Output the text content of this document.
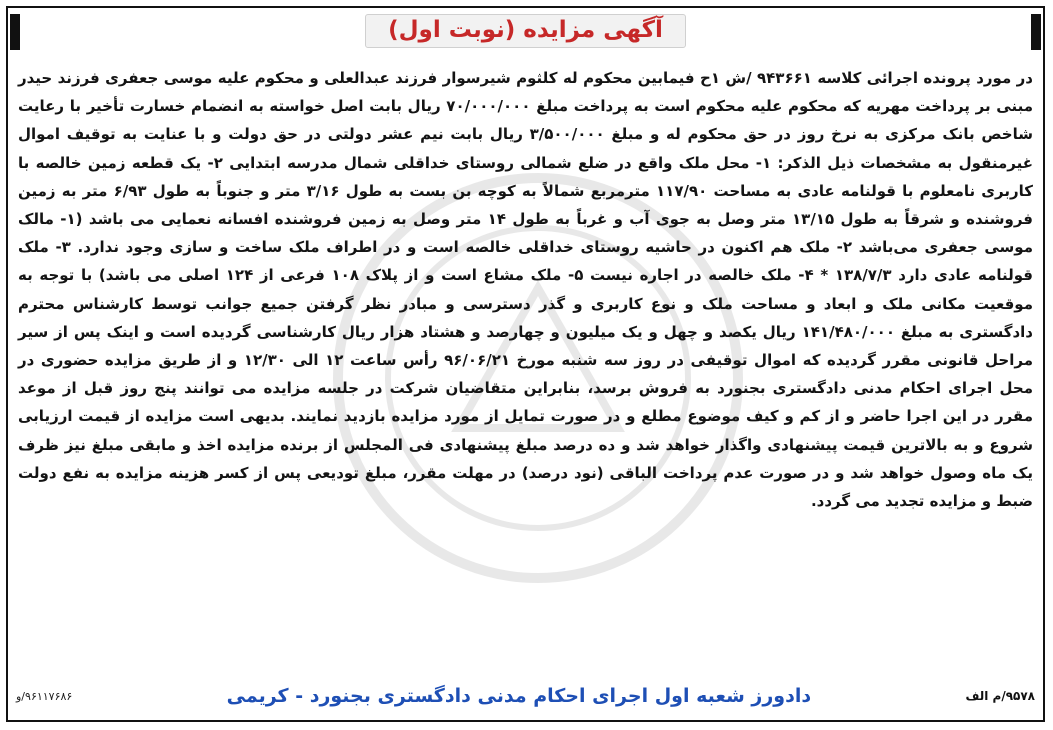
آگهی مزایده (نوبت اول)
در مورد پرونده اجرائی کلاسه ۹۴۳۶۶۱ /ش ۱ح فیمابین محکوم له کلثوم شیرسوار فرزند عبدالعلی و محکوم علیه موسی جعفری فرزند حیدر مبنی بر پرداخت مهریه که محکوم علیه محکوم است به پرداخت مبلغ ۷۰/۰۰۰/۰۰۰ ریال بابت اصل خواسته به انضمام خسارت تأخیر با رعایت شاخص بانک مرکزی به نرخ روز در حق محکوم له و مبلغ ۳/۵۰۰/۰۰۰ ریال بابت نیم عشر دولتی در حق دولت و با عنایت به توقیف اموال غیرمنقول به مشخصات ذیل الذکر: ۱- محل ملک واقع در ضلع شمالی روستای خداقلی شمال مدرسه ابتدایی ۲- یک قطعه زمین خالصه با کاربری نامعلوم با قولنامه عادی به مساحت ۱۱۷/۹۰ مترمربع شمالاً به کوچه بن بست به طول ۳/۱۶ متر و جنوباً به طول ۶/۹۳ متر به زمین فروشنده و شرقاً به طول ۱۳/۱۵ متر وصل به جوی آب و غرباً به طول ۱۴ متر وصل به زمین فروشنده افسانه نعمایی می باشد (۱- مالک موسی جعفری می‌باشد ۲- ملک هم اکنون در حاشیه روستای خداقلی خالصه است و در اطراف ملک ساخت و سازی وجود ندارد. ۳- ملک قولنامه عادی دارد ۱۳۸/۷/۳ * ۴- ملک خالصه در اجاره نیست ۵- ملک مشاع است و از پلاک ۱۰۸ فرعی از ۱۲۴ اصلی می باشد) با توجه به موقعیت مکانی ملک و ابعاد و مساحت ملک و نوع کاربری و گذر دسترسی و مبادر نظر گرفتن جمیع جوانب توسط کارشناس محترم دادگستری به مبلغ ۱۴۱/۴۸۰/۰۰۰ ریال یکصد و چهل و یک میلیون و چهارصد و هشتاد هزار ریال کارشناسی گردیده است و اینک پس از سیر مراحل قانونی مقرر گردیده که اموال توقیفی در روز سه شنبه مورخ ۹۶/۰۶/۲۱ رأس ساعت ۱۲ الی ۱۲/۳۰ و از طریق مزایده حضوری در محل اجرای احکام مدنی دادگستری بجنورد به فروش برسد، بنابراین متقاضیان شرکت در جلسه مزایده می توانند پنج روز قبل از موعد مقرر در این اجرا حاضر و از کم و کیف موضوع مطلع و در صورت تمایل از مورد مزایده بازدید نمایند. بدیهی است مزایده از قیمت ارزیابی شروع و به بالاترین قیمت پیشنهادی واگذار خواهد شد و ده درصد مبلغ پیشنهادی فی المجلس از برنده مزایده اخذ و مابقی مبلغ نیز ظرف یک ماه وصول خواهد شد و در صورت عدم پرداخت الباقی (نود درصد) در مهلت مقرر، مبلغ تودیعی پس از کسر هزینه مزایده به نفع دولت ضبط و مزایده تجدید می گردد.
۹۵۷۸/م الف
دادورز شعبه اول اجرای احکام مدنی دادگستری بجنورد - کریمی
۹۶۱۱۷۶۸۶/و
